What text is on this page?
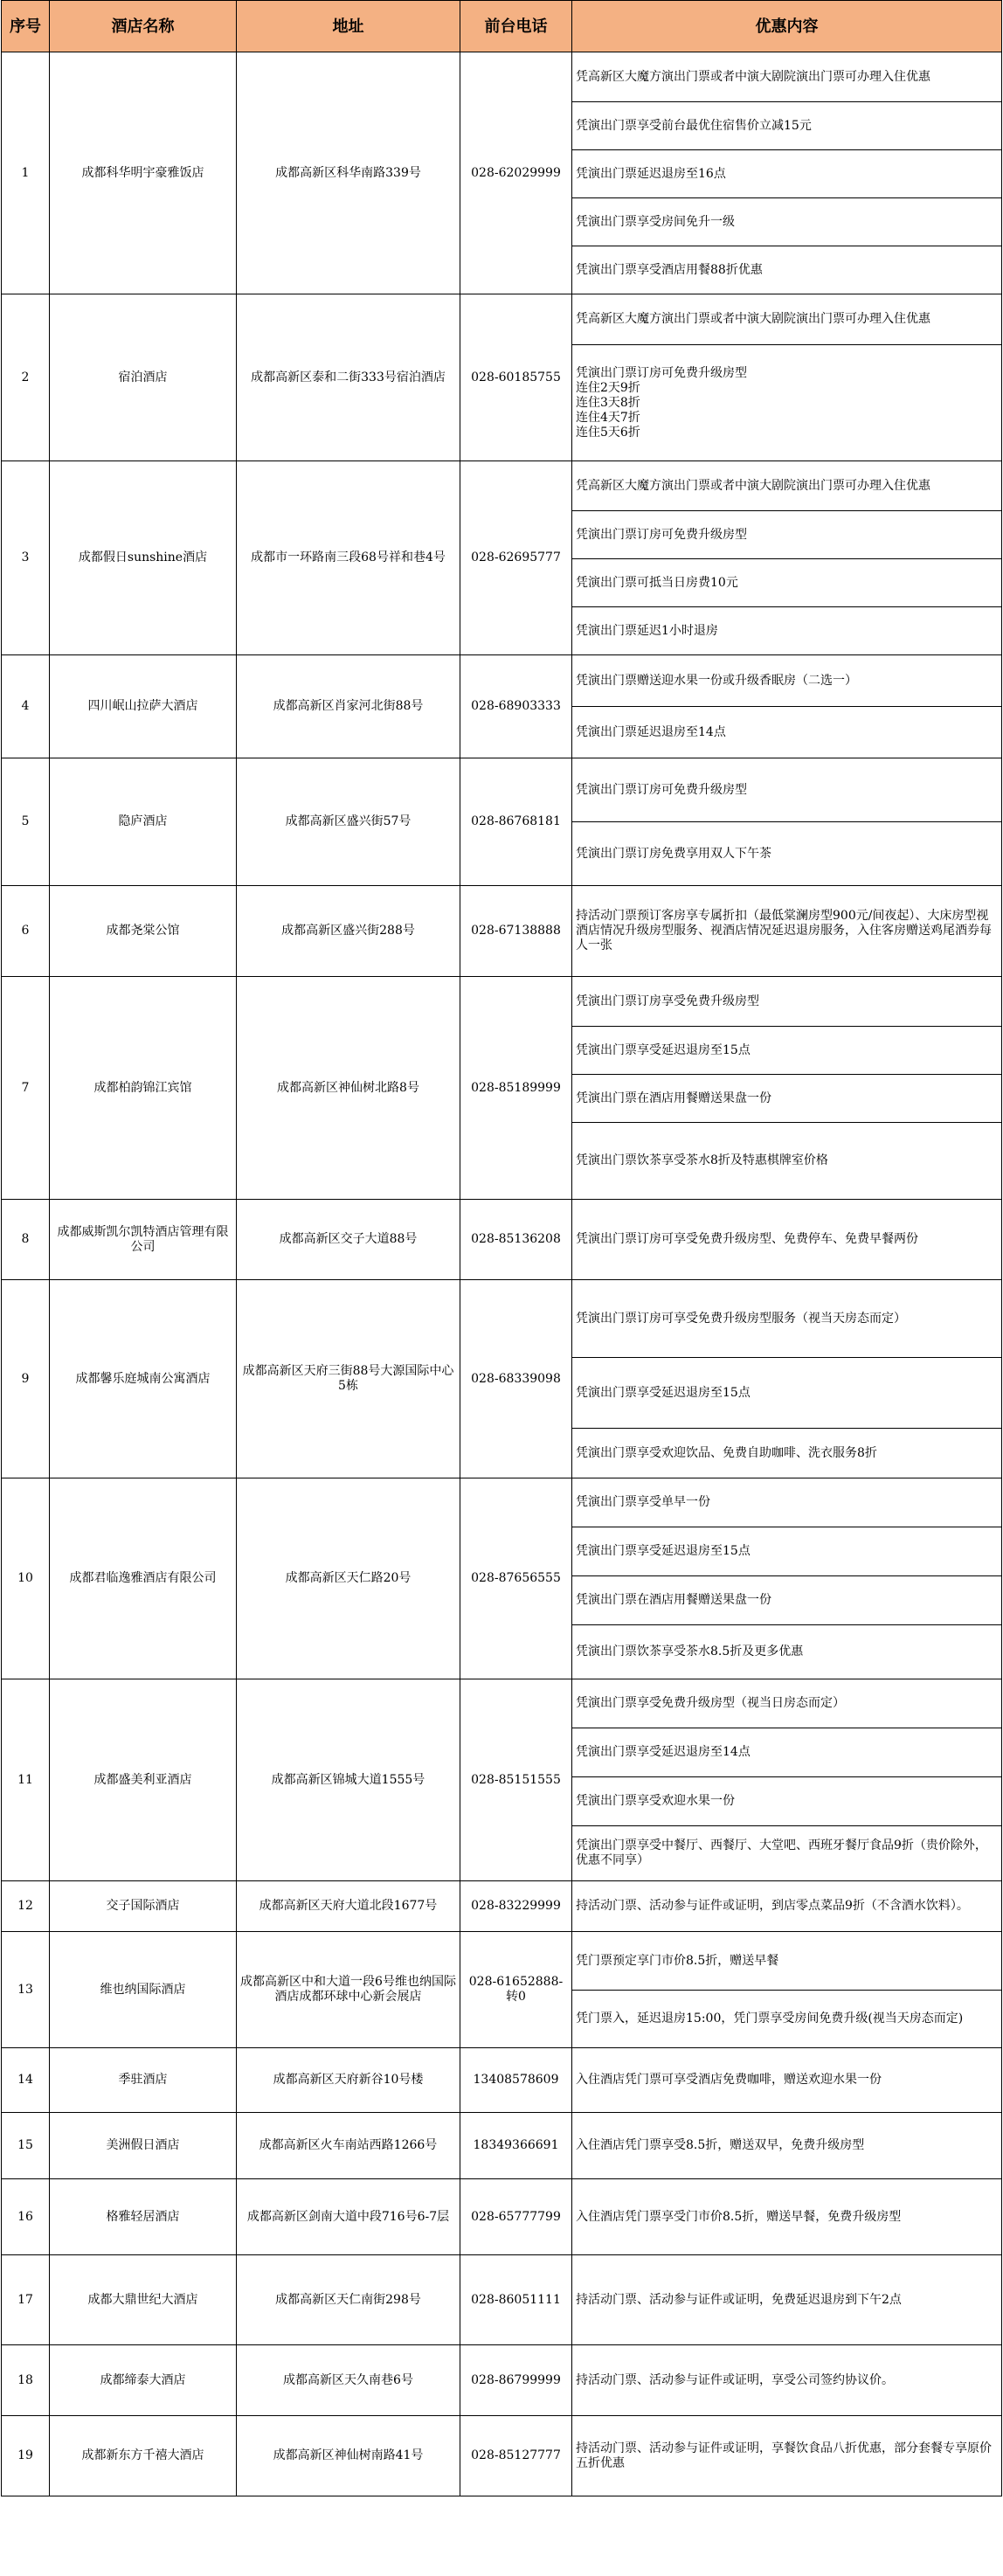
序号	酒店名称	地址	前台电话	优惠内容
1	成都科华明宇豪雅饭店	成都高新区科华南路339号	028-62029999	凭高新区大魔方演出门票或者中演大剧院演出门票可办理入住优惠
				凭演出门票享受前台最优住宿售价立减15元
				凭演出门票延迟退房至16点
				凭演出门票享受房间免升一级
				凭演出门票享受酒店用餐88折优惠
2	宿泊酒店	成都高新区泰和二街333号宿泊酒店	028-60185755	凭高新区大魔方演出门票或者中演大剧院演出门票可办理入住优惠

				凭演出门票订房可免费升级房型
连住2天9折
连住3天8折
连住4天7折
连住5天6折

3	成都假日sunshine酒店	成都市一环路南三段68号祥和巷4号	028-62695777	凭高新区大魔方演出门票或者中演大剧院演出门票可办理入住优惠
				凭演出门票订房可免费升级房型
				凭演出门票可抵当日房费10元
				凭演出门票延迟1小时退房
4	四川岷山拉萨大酒店	成都高新区肖家河北街88号	028-68903333	凭演出门票赠送迎水果一份或升级香眠房（二选一）
				凭演出门票延迟退房至14点
5	隐庐酒店	成都高新区盛兴街57号	028-86768181	凭演出门票订房可免费升级房型
				凭演出门票订房免费享用双人下午茶
6	成都尧棠公馆	成都高新区盛兴街288号	028-67138888	持活动门票预订客房享专属折扣（最低棠澜房型900元/间夜起）、大床房型视酒店情况升级房型服务、视酒店情况延迟退房服务，入住客房赠送鸡尾酒券每人一张
7	成都柏韵锦江宾馆	成都高新区神仙树北路8号	028-85189999	凭演出门票订房享受免费升级房型
				凭演出门票享受延迟退房至15点
				凭演出门票在酒店用餐赠送果盘一份
				凭演出门票饮茶享受茶水8折及特惠棋牌室价格
8	成都威斯凯尔凯特酒店管理有限公司	成都高新区交子大道88号	028-85136208	凭演出门票订房可享受免费升级房型、免费停车、免费早餐两份
9	成都馨乐庭城南公寓酒店	成都高新区天府三街88号大源国际中心5栋	028-68339098	凭演出门票订房可享受免费升级房型服务（视当天房态而定）
				凭演出门票享受延迟退房至15点
				凭演出门票享受欢迎饮品、免费自助咖啡、洗衣服务8折
10	成都君临逸雅酒店有限公司	成都高新区天仁路20号	028-87656555	凭演出门票享受单早一份
				凭演出门票享受延迟退房至15点
				凭演出门票在酒店用餐赠送果盘一份
				凭演出门票饮茶享受茶水8.5折及更多优惠
11	成都盛美利亚酒店	成都高新区锦城大道1555号	028-85151555	凭演出门票享受免费升级房型（视当日房态而定）
				凭演出门票享受延迟退房至14点
				凭演出门票享受欢迎水果一份
				凭演出门票享受中餐厅、西餐厅、大堂吧、西班牙餐厅食品9折（贵价除外，优惠不同享）
12	交子国际酒店	成都高新区天府大道北段1677号	028-83229999	持活动门票、活动参与证件或证明，到店零点菜品9折（不含酒水饮料）。
13	维也纳国际酒店	成都高新区中和大道一段6号维也纳国际酒店成都环球中心新会展店	028-61652888-转0	凭门票预定享门市价8.5折，赠送早餐
				凭门票入，延迟退房15:00，凭门票享受房间免费升级(视当天房态而定)
14	季驻酒店	成都高新区天府新谷10号楼	13408578609	入住酒店凭门票可享受酒店免费咖啡，赠送欢迎水果一份
15	美洲假日酒店	成都高新区火车南站西路1266号	18349366691	入住酒店凭门票享受8.5折，赠送双早，免费升级房型
16	格雅轻居酒店	成都高新区剑南大道中段716号6-7层	028-65777799	入住酒店凭门票享受门市价8.5折，赠送早餐，免费升级房型
17	成都大鼎世纪大酒店	成都高新区天仁南街298号	028-86051111	持活动门票、活动参与证件或证明，免费延迟退房到下午2点
18	成都缔泰大酒店	成都高新区天久南巷6号	028-86799999	持活动门票、活动参与证件或证明，享受公司签约协议价。
19	成都新东方千禧大酒店	成都高新区神仙树南路41号	028-85127777	持活动门票、活动参与证件或证明，享餐饮食品八折优惠，部分套餐专享原价五折优惠
